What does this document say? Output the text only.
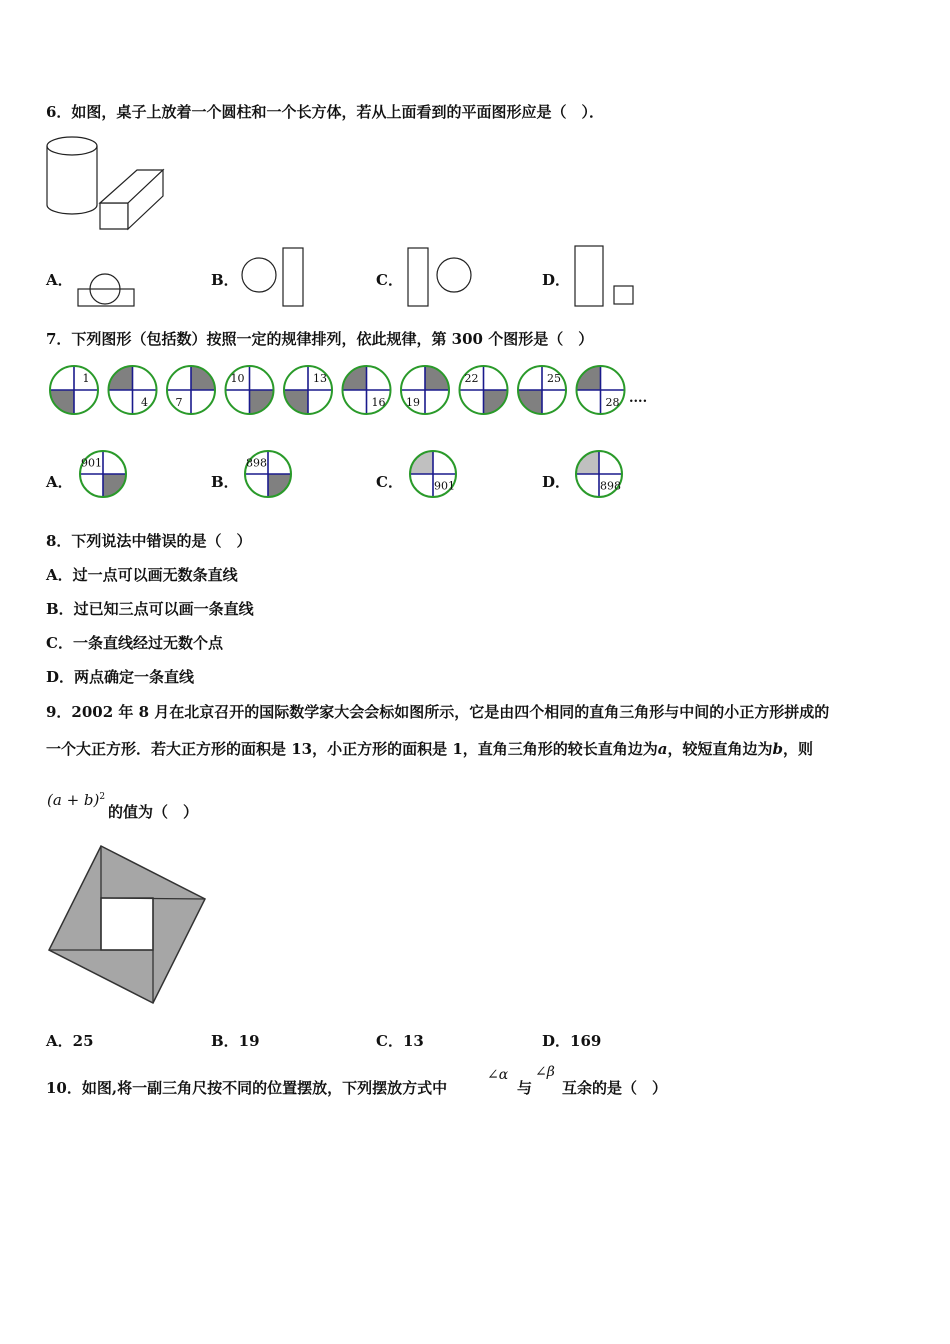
6．如图，桌子上放着一个圆柱和一个长方体，若从上面看到的平面图形应是（　）．
A．	B．	C．	D．
7．下列图形（包括数）按照一定的规律排列，依此规律，第 300 个图形是（　）
1
4	7
10	13
16 19
22	25
28 ....
A．	B．	C．	D．
901	898
901	898
8．下列说法中错误的是（　）
A．过一点可以画无数条直线
B．过已知三点可以画一条直线
C．一条直线经过无数个点
D．两点确定一条直线
9．2002 年 8 月在北京召开的国际数学家大会会标如图所示，它是由四个相同的直角三角形与中间的小正方形拼成的
一个大正方形．若大正方形的面积是 13，小正方形的面积是 1，直角三角形的较长直角边为a，较短直角边为b，则
$(a + b)^2$
的值为（　）
A．25	B．19	C．13	D．169
10．如图,将一副三角尺按不同的位置摆放，下列摆放方式中
∠α
与
∠β
互余的是（　）
